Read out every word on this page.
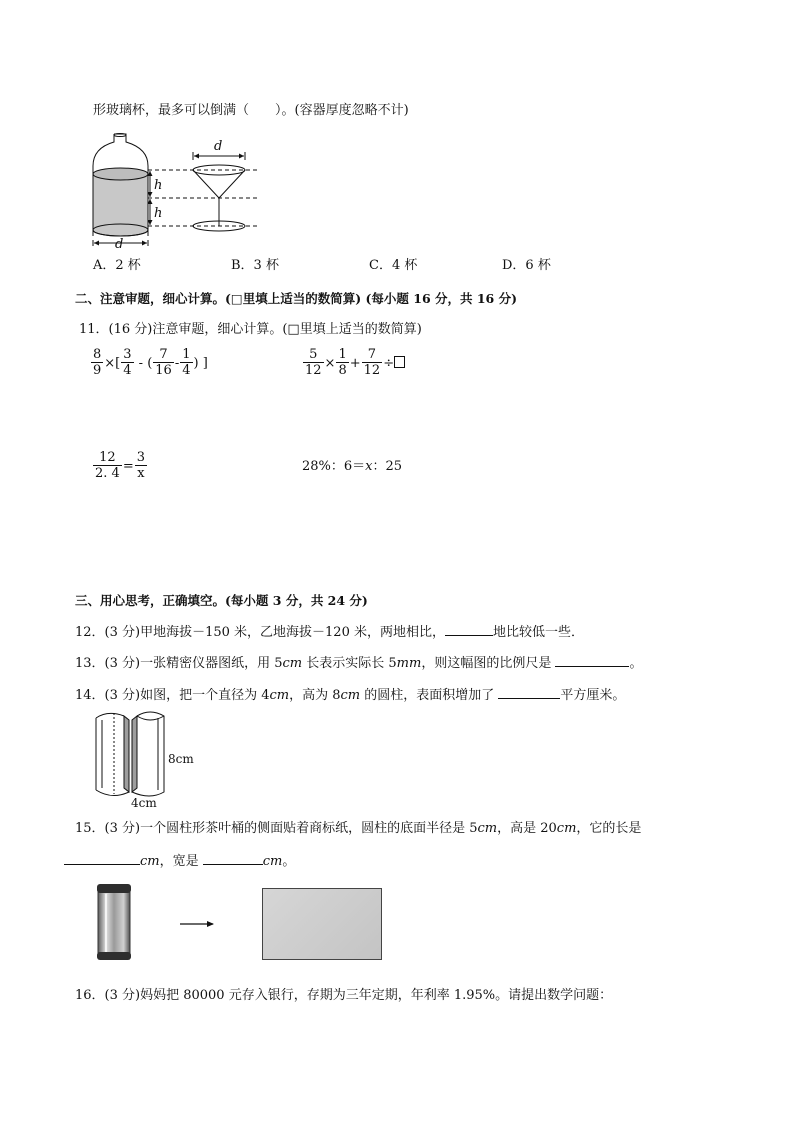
形玻璃杯，最多可以倒满（　　）。(容器厚度忽略不计)
d
h
h
d
A．2 杯	B．3 杯	C．4 杯	D．6 杯
二、注意审题，细心计算。(□里填上适当的数简算) (每小题 16 分，共 16 分)
11．(16 分)注意审题，细心计算。(□里填上适当的数简算)
$\frac{8}{9}$ ×[ $\frac{3}{4}$ - ( $\frac{7}{16} - \frac{1}{4}$ ) ]	$\frac{5}{12} \times \frac{1}{8} + \frac{7}{12}$ ÷
$\frac{12}{2. 4} = \frac{3}{x}$	28%：6＝x：25
三、用心思考，正确填空。(每小题 3 分，共 24 分)
12．(3 分)甲地海拔－150 米，乙地海拔－120 米，两地相比，	地比较低一些．
13．(3 分)一张精密仪器图纸，用 5cm 长表示实际长 5mm，则这幅图的比例尺是	。
14．(3 分)如图，把一个直径为 4cm，高为 8cm 的圆柱，表面积增加了	平方厘米。
8cm
4cm
15．(3 分)一个圆柱形茶叶桶的侧面贴着商标纸，圆柱的底面半径是 5cm，高是 20cm，它的长是
cm，宽是	cm。
16．(3 分)妈妈把 80000 元存入银行，存期为三年定期，年利率 1.95%。请提出数学问题：
